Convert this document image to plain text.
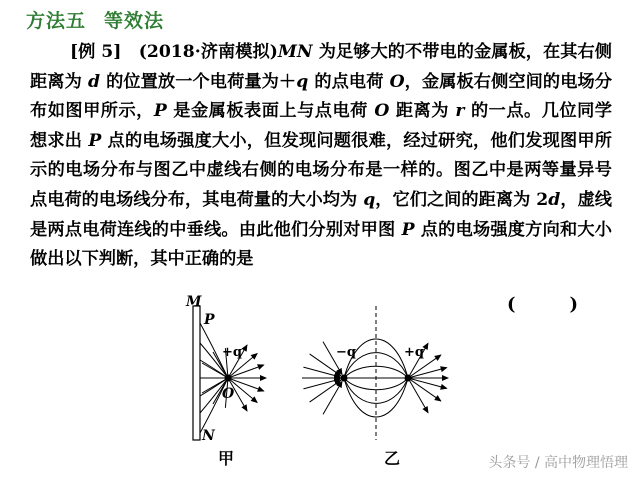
方法五 等效法
[例 5]　 (2018·济南模拟)MN 为足够大的不带电的金属板，在其右侧距离为 d 的位置放一个电荷量为＋q 的点电荷 O，金属板右侧空间的电场分布如图甲所示，P 是金属板表面上与点电荷 O 距离为 r 的一点。几位同学想求出 P 点的电场强度大小，但发现问题很难，经过研究，他们发现图甲所示的电场分布与图乙中虚线右侧的电场分布是一样的。图乙中是两等量异号点电荷的电场线分布，其电荷量的大小均为 q，它们之间的距离为 2d，虚线是两点电荷连线的中垂线。由此他们分别对甲图 P 点的电场强度方向和大小做出以下判断，其中正确的是
(　)
M
P
+q
O
N
甲
−q	+q
乙	头条号 / 高中物理悟理
